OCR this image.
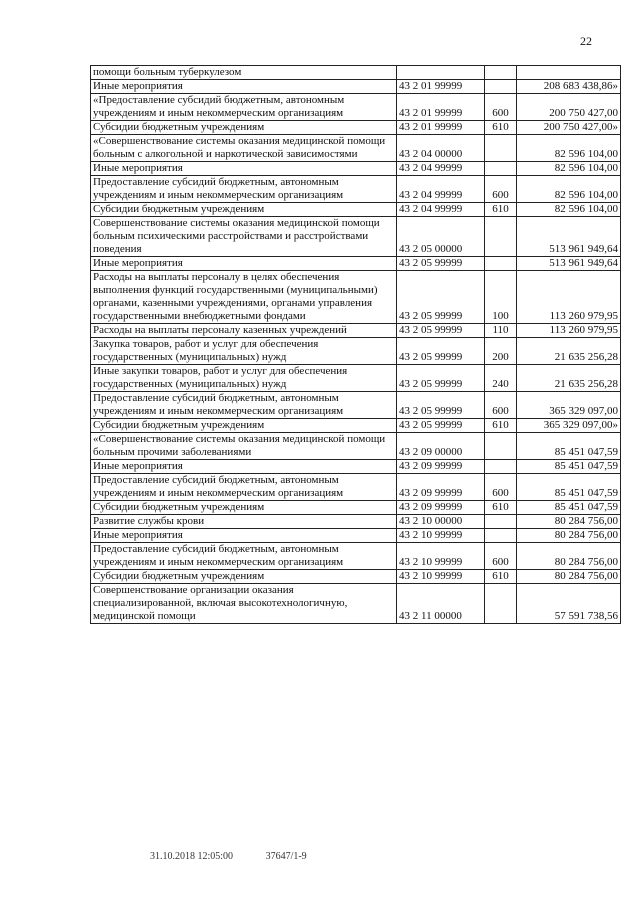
22
помощи больным туберкулезом			
Иные мероприятия	43 2 01 99999		208 683 438,86»
«Предоставление субсидий бюджетным, автономным учреждениям и иным некоммерческим организациям	43 2 01 99999	600	200 750 427,00
Субсидии бюджетным учреждениям	43 2 01 99999	610	200 750 427,00»
«Совершенствование системы оказания медицинской помощи больным с алкогольной и наркотической зависимостями	43 2 04 00000		82 596 104,00
Иные мероприятия	43 2 04 99999		82 596 104,00
Предоставление субсидий бюджетным, автономным учреждениям и иным некоммерческим организациям	43 2 04 99999	600	82 596 104,00
Субсидии бюджетным учреждениям	43 2 04 99999	610	82 596 104,00
Совершенствование системы оказания медицинской помощи больным психическими расстройствами и расстройствами поведения	43 2 05 00000		513 961 949,64
Иные мероприятия	43 2 05 99999		513 961 949,64
Расходы на выплаты персоналу в целях обеспечения выполнения функций государственными (муниципальными) органами, казенными учреждениями, органами управления государственными внебюджетными фондами	43 2 05 99999	100	113 260 979,95
Расходы на выплаты персоналу казенных учреждений	43 2 05 99999	110	113 260 979,95
Закупка товаров, работ и услуг для обеспечения государственных (муниципальных) нужд	43 2 05 99999	200	21 635 256,28
Иные закупки товаров, работ и услуг для обеспечения государственных (муниципальных) нужд	43 2 05 99999	240	21 635 256,28
Предоставление субсидий бюджетным, автономным учреждениям и иным некоммерческим организациям	43 2 05 99999	600	365 329 097,00
Субсидии бюджетным учреждениям	43 2 05 99999	610	365 329 097,00»
«Совершенствование системы оказания медицинской помощи больным прочими заболеваниями	43 2 09 00000		85 451 047,59
Иные мероприятия	43 2 09 99999		85 451 047,59
Предоставление субсидий бюджетным, автономным учреждениям и иным некоммерческим организациям	43 2 09 99999	600	85 451 047,59
Субсидии бюджетным учреждениям	43 2 09 99999	610	85 451 047,59
Развитие службы крови	43 2 10 00000		80 284 756,00
Иные мероприятия	43 2 10 99999		80 284 756,00
Предоставление субсидий бюджетным, автономным учреждениям и иным некоммерческим организациям	43 2 10 99999	600	80 284 756,00
Субсидии бюджетным учреждениям	43 2 10 99999	610	80 284 756,00
Совершенствование организации оказания специализированной, включая высокотехнологичную, медицинской помощи	43 2 11 00000		57 591 738,56
31.10.2018 12:05:00	37647/1-9
